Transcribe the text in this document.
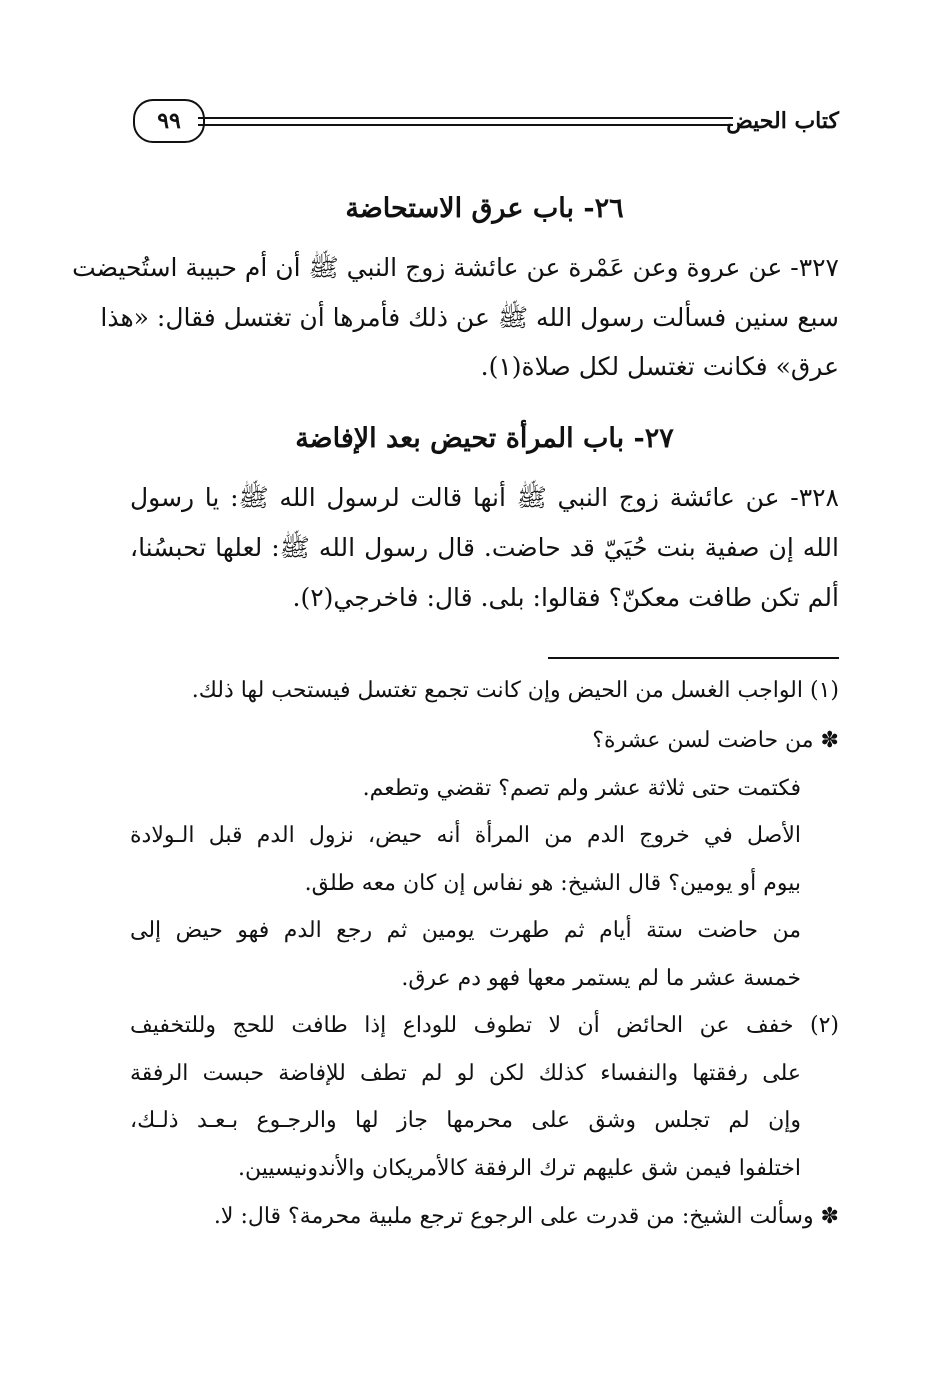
كتاب الحيض
٩٩
٢٦- باب عرق الاستحاضة
٣٢٧- عن عروة وعن عَمْرة عن عائشة زوج النبي ﷺ أن أم حبيبة استُحيضت
سبع سنين فسألت رسول الله ﷺ عن ذلك فأمرها أن تغتسل فقال: «هذا
عرق» فكانت تغتسل لكل صلاة(١).
٢٧- باب المرأة تحيض بعد الإفاضة
٣٢٨- عن عائشة زوج النبي ﷺ أنها قالت لرسول الله ﷺ: يا رسول
الله إن صفية بنت حُيَيّ قد حاضت. قال رسول الله ﷺ: لعلها تحبسُنا،
ألم تكن طافت معكنّ؟ فقالوا: بلى. قال: فاخرجي(٢).
(١) الواجب الغسل من الحيض وإن كانت تجمع تغتسل فيستحب لها ذلك.
✽ من حاضت لسن عشرة؟
فكتمت حتى ثلاثة عشر ولم تصم؟ تقضي وتطعم.
الأصل في خروج الدم من المرأة أنه حيض، نزول الدم قبل الـولادة
بيوم أو يومين؟ قال الشيخ: هو نفاس إن كان معه طلق.
من حاضت ستة أيام ثم طهرت يومين ثم رجع الدم فهو حيض إلى
خمسة عشر ما لم يستمر معها فهو دم عرق.
(٢) خفف عن الحائض أن لا تطوف للوداع إذا طافت للحج وللتخفيف
على رفقتها والنفساء كذلك لكن لو لم تطف للإفاضة حبست الرفقة
وإن لم تجلس وشق على محرمها جاز لها والرجـوع بـعـد ذلـك،
اختلفوا فيمن شق عليهم ترك الرفقة كالأمريكان والأندونيسيين.
✽ وسألت الشيخ: من قدرت على الرجوع ترجع ملبية محرمة؟ قال: لا.
